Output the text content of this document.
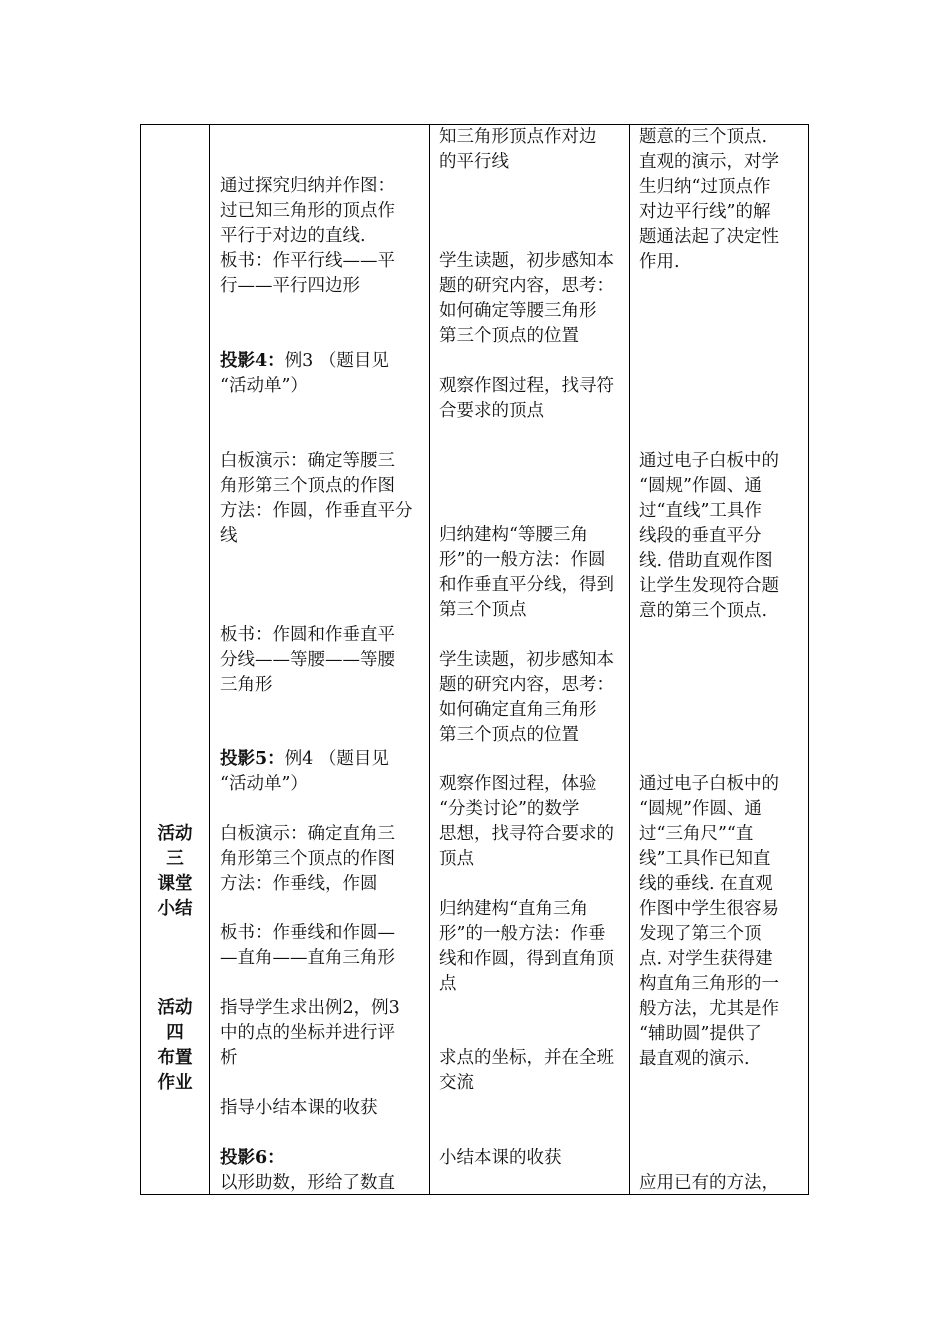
活动
三
课堂
小结
活动
四
布置
作业
通过探究归纳并作图：
过已知三角形的顶点作
平行于对边的直线.
板书：作平行线——平
行——平行四边形
投影4：例3 （题目见
“活动单”）
白板演示：确定等腰三
角形第三个顶点的作图
方法：作圆，作垂直平分
线
板书：作圆和作垂直平
分线——等腰——等腰
三角形
投影5：例4 （题目见
“活动单”）
白板演示：确定直角三
角形第三个顶点的作图
方法：作垂线，作圆
板书：作垂线和作圆—
—直角——直角三角形
指导学生求出例2，例3
中的点的坐标并进行评
析
指导小结本课的收获
投影6：
以形助数，形给了数直
知三角形顶点作对边
的平行线
学生读题，初步感知本
题的研究内容，思考：
如何确定等腰三角形
第三个顶点的位置
观察作图过程，找寻符
合要求的顶点
归纳建构“等腰三角
形”的一般方法：作圆
和作垂直平分线，得到
第三个顶点
学生读题，初步感知本
题的研究内容，思考：
如何确定直角三角形
第三个顶点的位置
观察作图过程，体验
“分类讨论”的数学
思想，找寻符合要求的
顶点
归纳建构“直角三角
形”的一般方法：作垂
线和作圆，得到直角顶
点
求点的坐标，并在全班
交流
小结本课的收获
题意的三个顶点.
直观的演示，对学
生归纳“过顶点作
对边平行线”的解
题通法起了决定性
作用.
通过电子白板中的
“圆规”作圆、通
过“直线”工具作
线段的垂直平分
线. 借助直观作图
让学生发现符合题
意的第三个顶点.
通过电子白板中的
“圆规”作圆、通
过“三角尺”“直
线”工具作已知直
线的垂线. 在直观
作图中学生很容易
发现了第三个顶
点. 对学生获得建
构直角三角形的一
般方法，尤其是作
“辅助圆”提供了
最直观的演示.
应用已有的方法，
